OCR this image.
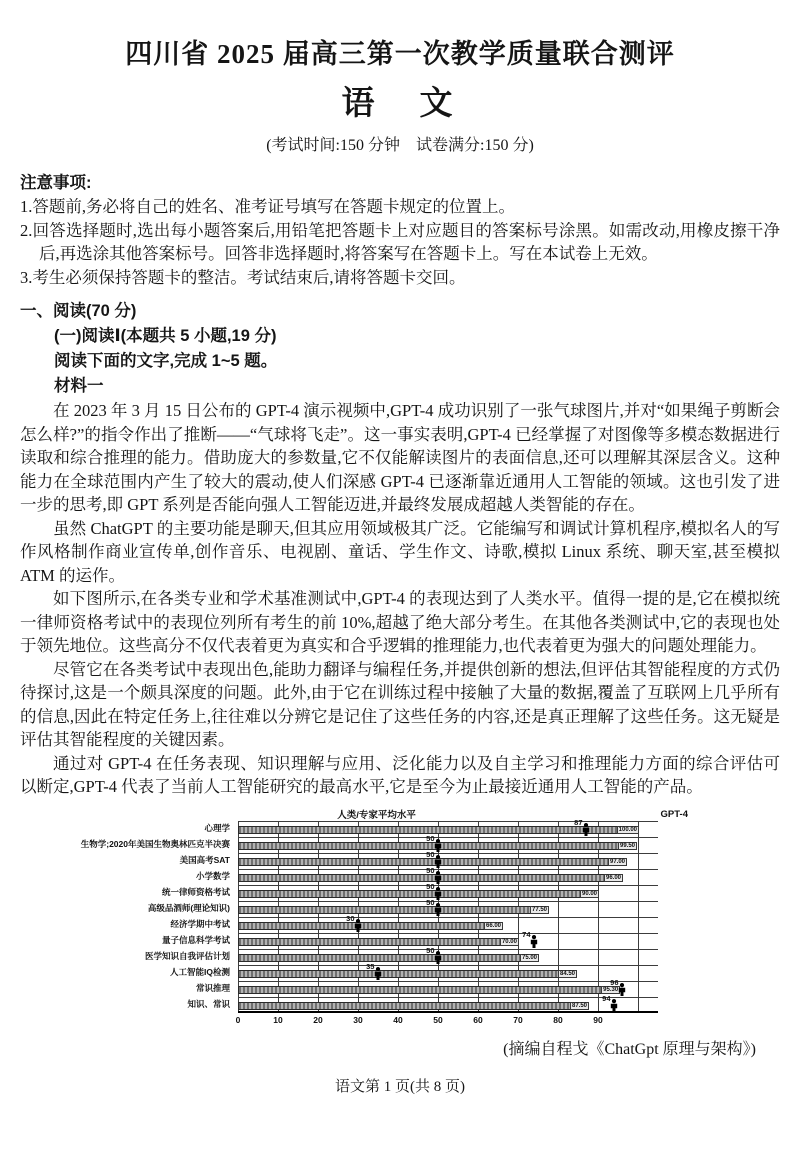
四川省 2025 届高三第一次教学质量联合测评
语　文
(考试时间:150 分钟　试卷满分:150 分)
注意事项:
1.答题前,务必将自己的姓名、准考证号填写在答题卡规定的位置上。
2.回答选择题时,选出每小题答案后,用铅笔把答题卡上对应题目的答案标号涂黑。如需改动,用橡皮擦干净后,再选涂其他答案标号。回答非选择题时,将答案写在答题卡上。写在本试卷上无效。
3.考生必须保持答题卡的整洁。考试结束后,请将答题卡交回。
一、阅读(70 分)
(一)阅读Ⅰ(本题共 5 小题,19 分)
阅读下面的文字,完成 1~5 题。
材料一

在 2023 年 3 月 15 日公布的 GPT-4 演示视频中,GPT-4 成功识别了一张气球图片,并对“如果绳子剪断会怎么样?”的指令作出了推断——“气球将飞走”。这一事实表明,GPT-4 已经掌握了对图像等多模态数据进行读取和综合推理的能力。借助庞大的参数量,它不仅能解读图片的表面信息,还可以理解其深层含义。这种能力在全球范围内产生了较大的震动,使人们深感 GPT-4 已逐渐靠近通用人工智能的领域。这也引发了进一步的思考,即 GPT 系列是否能向强人工智能迈进,并最终发展成超越人类智能的存在。

虽然 ChatGPT 的主要功能是聊天,但其应用领域极其广泛。它能编写和调试计算机程序,模拟名人的写作风格制作商业宣传单,创作音乐、电视剧、童话、学生作文、诗歌,模拟 Linux 系统、聊天室,甚至模拟 ATM 的运作。

如下图所示,在各类专业和学术基准测试中,GPT-4 的表现达到了人类水平。值得一提的是,它在模拟统一律师资格考试中的表现位列所有考生的前 10%,超越了绝大部分考生。在其他各类测试中,它的表现也处于领先地位。这些高分不仅代表着更为真实和合乎逻辑的推理能力,也代表着更为强大的问题处理能力。

尽管它在各类考试中表现出色,能助力翻译与编程任务,并提供创新的想法,但评估其智能程度的方式仍待探讨,这是一个颇具深度的问题。此外,由于它在训练过程中接触了大量的数据,覆盖了互联网上几乎所有的信息,因此在特定任务上,往往难以分辨它是记住了这些任务的内容,还是真正理解了这些任务。这无疑是评估其智能程度的关键因素。

通过对 GPT-4 在任务表现、知识理解与应用、泛化能力以及自主学习和推理能力方面的综合评估可以断定,GPT-4 代表了当前人工智能研究的最高水平,它是至今为止最接近通用人工智能的产品。

人类/专家平均水平	GPT-4
心理学	100.00
87
生物学;2020年美国生物奥林匹克半决赛	99.50
50
美国高考SAT	97.00
50
小学数学	96.00
50
统一律师资格考试	90.00
50
高级品酒师(理论知识)	77.50
50
经济学期中考试	66.00
30
量子信息科学考试	70.00
74
医学知识自我评估计划	75.00
50
人工智能IQ检测	84.50
35
常识推理	95.30
96
知识、常识	87.50
94
0	10	20	30	40	50	60	70	80	90
(摘编自程戈《ChatGpt 原理与架构》)
语文第 1 页(共 8 页)
